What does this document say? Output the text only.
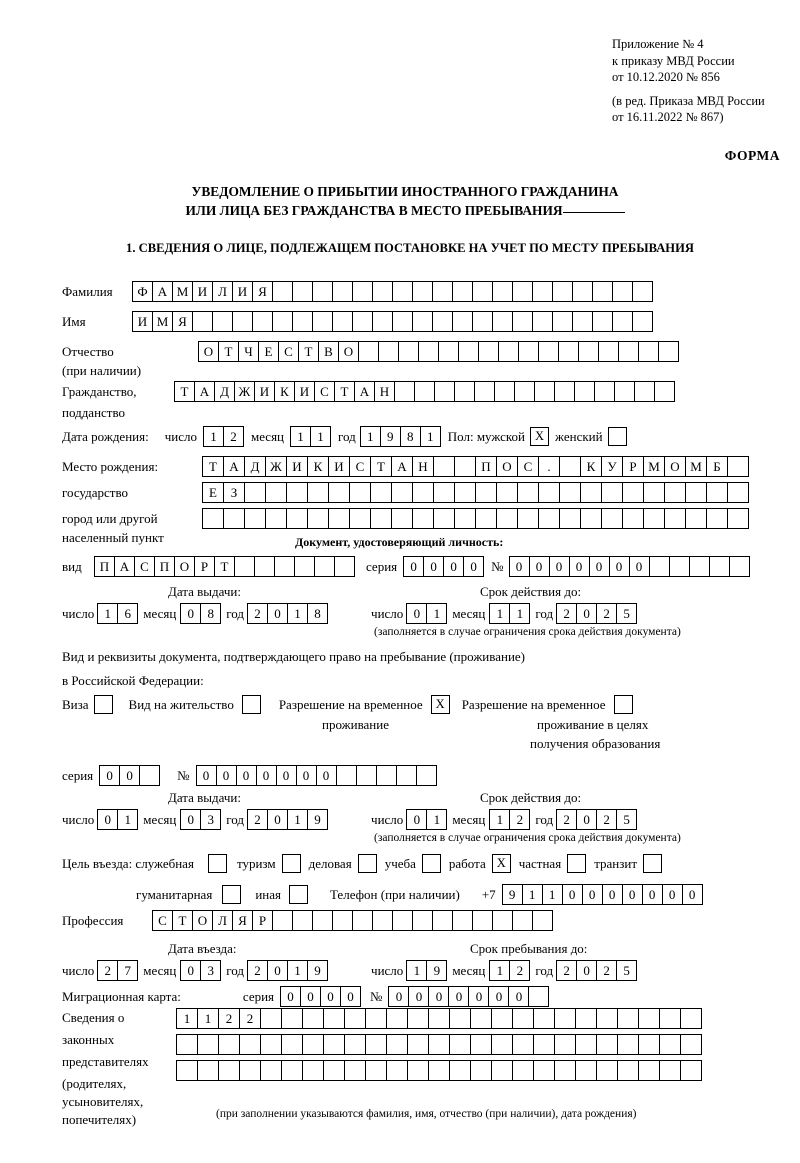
Приложение № 4
к приказу МВД России
от 10.12.2020 № 856
(в ред. Приказа МВД России
от 16.11.2022 № 867)
ФОРМА
УВЕДОМЛЕНИЕ О ПРИБЫТИИ ИНОСТРАННОГО ГРАЖДАНИНА
ИЛИ ЛИЦА БЕЗ ГРАЖДАНСТВА В МЕСТО ПРЕБЫВАНИЯ
1. СВЕДЕНИЯ О ЛИЦЕ, ПОДЛЕЖАЩЕМ ПОСТАНОВКЕ НА УЧЕТ ПО МЕСТУ ПРЕБЫВАНИЯ
Фамилия	Ф А М И Л И Я
Имя	И М Я
Отчество	О Т Ч Е С Т В О
(при наличии)
Гражданство,	Т А Д Ж И К И С Т А Н
подданство
Дата рождения: число	1	2	месяц	1	1	год 1	9	8	1	Пол: мужской Х женский
Место рождения:	Т А Д Ж И К И С Т А Н	П О С	.	К У Р М О М Б
государство	Е	З
город или другой
населенный пункт	Документ, удостоверяющий личность:
вид	П А С П О Р Т	серия	0	0	0	0	№ 0	0	0	0	0	0	0
Дата выдачи:	Срок действия до:
число 1	6 месяц 0	8 год 2	0	1	8	число 0	1 месяц 1	1 год 2	0	2	5
(заполняется в случае ограничения срока действия документа)
Вид и реквизиты документа, подтверждающего право на пребывание (проживание)
в Российской Федерации:
Виза	Вид на жительство	Разрешение на временное	Х	Разрешение на временное
проживание	проживание в целях
получения образования
серия	0	0	№	0	0	0	0	0	0	0
Дата выдачи:	Срок действия до:
число 0	1 месяц 0	3 год 2	0	1	9	число 0	1 месяц 1	2 год 2	0	2	5
(заполняется в случае ограничения срока действия документа)
Цель въезда: служебная	туризм	деловая	учеба	работа Х частная	транзит
гуманитарная	иная	Телефон (при наличии) +7	9	1	1	0	0	0	0	0	0	0
Профессия	С Т О Л Я Р
Дата въезда:	Срок пребывания до:
число 2	7 месяц 0	3 год 2	0	1	9	число 1	9 месяц 1	2 год 2	0	2	5
Миграционная карта:	серия	0	0	0	0	№	0	0	0	0	0	0	0
Сведения о
законных
представителях
(родителях,
усыновителях,
попечителях)
1	1	2	2
(при заполнении указываются фамилия, имя, отчество (при наличии), дата рождения)
